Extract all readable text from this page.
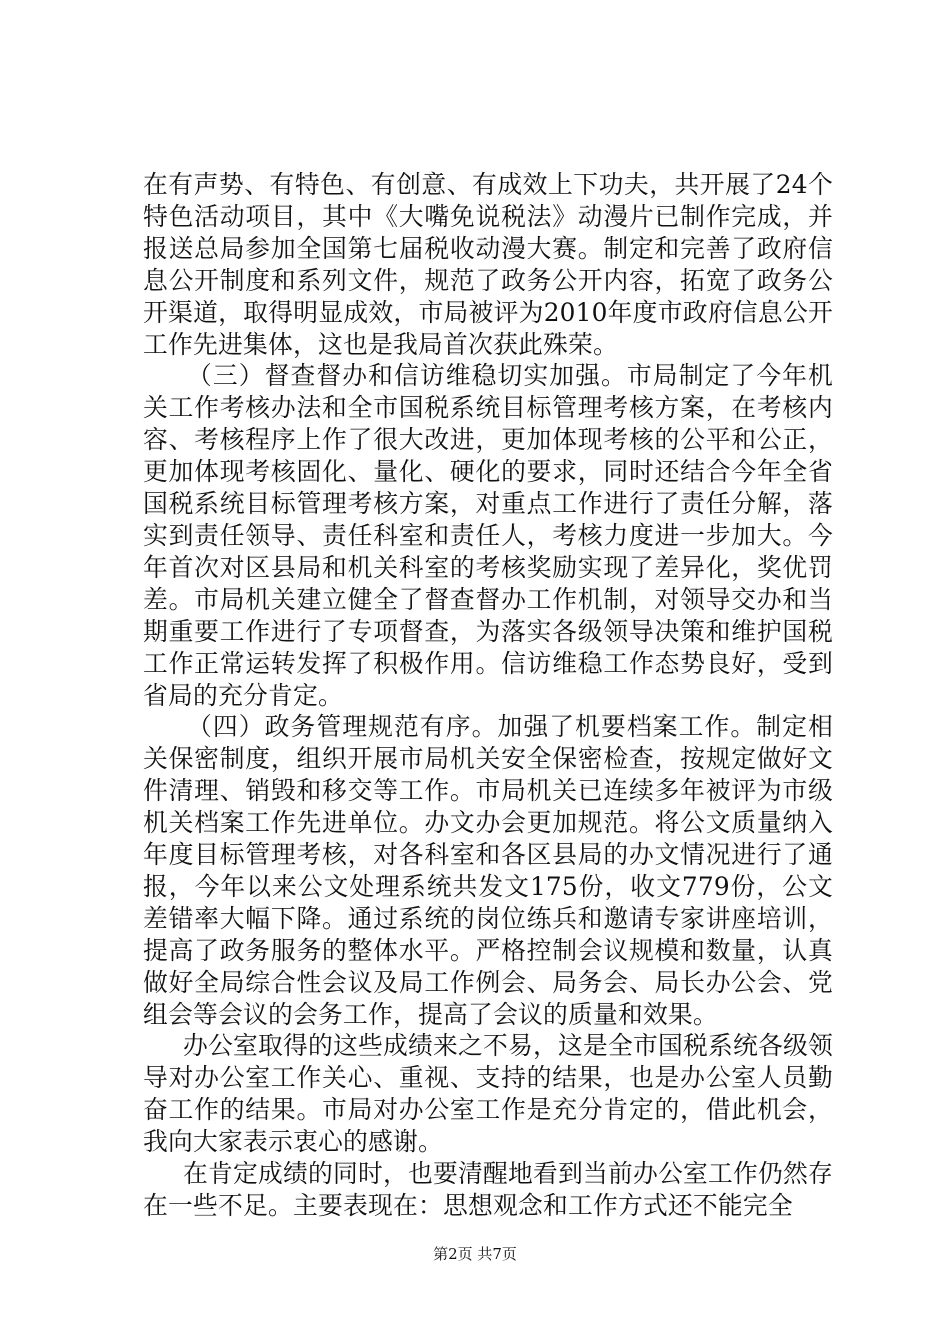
在有声势、有特色、有创意、有成效上下功夫，共开展了24个特色活动项目，其中《大嘴免说税法》动漫片已制作完成，并报送总局参加全国第七届税收动漫大赛。制定和完善了政府信息公开制度和系列文件，规范了政务公开内容，拓宽了政务公开渠道，取得明显成效，市局被评为2010年度市政府信息公开工作先进集体，这也是我局首次获此殊荣。

（三）督查督办和信访维稳切实加强。市局制定了今年机关工作考核办法和全市国税系统目标管理考核方案，在考核内容、考核程序上作了很大改进，更加体现考核的公平和公正，更加体现考核固化、量化、硬化的要求，同时还结合今年全省国税系统目标管理考核方案，对重点工作进行了责任分解，落实到责任领导、责任科室和责任人，考核力度进一步加大。今年首次对区县局和机关科室的考核奖励实现了差异化，奖优罚差。市局机关建立健全了督查督办工作机制，对领导交办和当期重要工作进行了专项督查，为落实各级领导决策和维护国税工作正常运转发挥了积极作用。信访维稳工作态势良好，受到省局的充分肯定。

（四）政务管理规范有序。加强了机要档案工作。制定相关保密制度，组织开展市局机关安全保密检查，按规定做好文件清理、销毁和移交等工作。市局机关已连续多年被评为市级机关档案工作先进单位。办文办会更加规范。将公文质量纳入年度目标管理考核，对各科室和各区县局的办文情况进行了通报，今年以来公文处理系统共发文175份，收文779份，公文差错率大幅下降。通过系统的岗位练兵和邀请专家讲座培训，提高了政务服务的整体水平。严格控制会议规模和数量，认真做好全局综合性会议及局工作例会、局务会、局长办公会、党组会等会议的会务工作，提高了会议的质量和效果。

办公室取得的这些成绩来之不易，这是全市国税系统各级领导对办公室工作关心、重视、支持的结果，也是办公室人员勤奋工作的结果。市局对办公室工作是充分肯定的，借此机会，我向大家表示衷心的感谢。

在肯定成绩的同时，也要清醒地看到当前办公室工作仍然存在一些不足。主要表现在：思想观念和工作方式还不能完全

第2页 共7页
